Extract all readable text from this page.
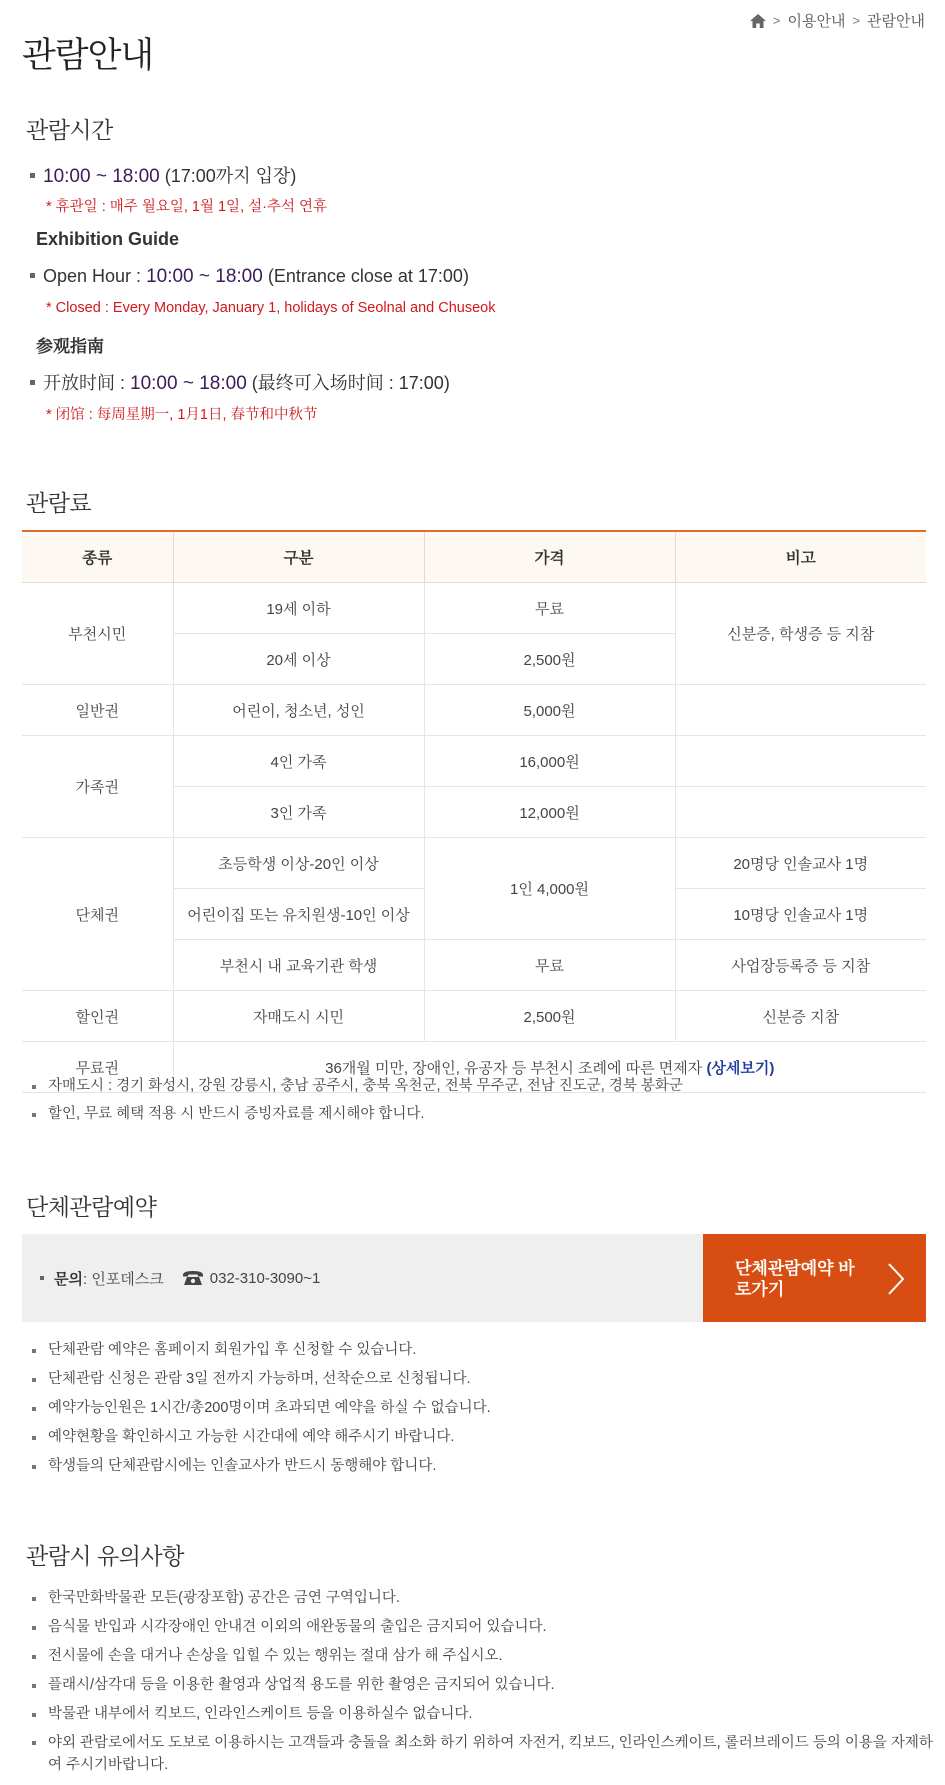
> 이용안내 > 관람안내
관람안내
관람시간
10:00 ~ 18:00 (17:00까지 입장)
* 휴관일 : 매주 월요일, 1월 1일, 설·추석 연휴
Exhibition Guide
Open Hour : 10:00 ~ 18:00 (Entrance close at 17:00)
* Closed : Every Monday, January 1, holidays of Seolnal and Chuseok
参观指南
开放时间 : 10:00 ~ 18:00 (最终可入场时间 : 17:00)
* 闭馆 : 每周星期一, 1月1日, 春节和中秋节
관람료
종류	구분	가격	비고
부천시민	19세 이하	무료	신분증, 학생증 등 지참
	20세 이상	2,500원	
일반권	어린이, 청소년, 성인	5,000원	
가족권	4인 가족	16,000원	
	3인 가족	12,000원	
단체권	초등학생 이상-20인 이상	1인 4,000원	20명당 인솔교사 1명
	어린이집 또는 유치원생-10인 이상		10명당 인솔교사 1명
	부천시 내 교육기관 학생	무료	사업장등록증 등 지참
할인권	자매도시 시민	2,500원	신분증 지참
무료권	36개월 미만, 장애인, 유공자 등 부천시 조례에 따른 면제자 (상세보기)		
자매도시 : 경기 화성시, 강원 강릉시, 충남 공주시, 충북 옥천군, 전북 무주군, 전남 진도군, 경북 봉화군
할인, 무료 혜택 적용 시 반드시 증빙자료를 제시해야 합니다.
단체관람예약
문의 : 인포데스크	032-310-3090~1	단체관람예약 바로가기
단체관람 예약은 홈페이지 회원가입 후 신청할 수 있습니다.
단체관람 신청은 관람 3일 전까지 가능하며, 선착순으로 신청됩니다.
예약가능인원은 1시간/총200명이며 초과되면 예약을 하실 수 없습니다.
예약현황을 확인하시고 가능한 시간대에 예약 해주시기 바랍니다.
학생들의 단체관람시에는 인솔교사가 반드시 동행해야 합니다.
관람시 유의사항
한국만화박물관 모든(광장포함) 공간은 금연 구역입니다.
음식물 반입과 시각장애인 안내견 이외의 애완동물의 출입은 금지되어 있습니다.
전시물에 손을 대거나 손상을 입힐 수 있는 행위는 절대 삼가 해 주십시오.
플래시/삼각대 등을 이용한 촬영과 상업적 용도를 위한 촬영은 금지되어 있습니다.
박물관 내부에서 킥보드, 인라인스케이트 등을 이용하실수 없습니다.
야외 관람로에서도 도보로 이용하시는 고객들과 충돌을 최소화 하기 위하여 자전거, 킥보드, 인라인스케이트, 롤러브레이드 등의 이용을 자제하여 주시기바랍니다.
